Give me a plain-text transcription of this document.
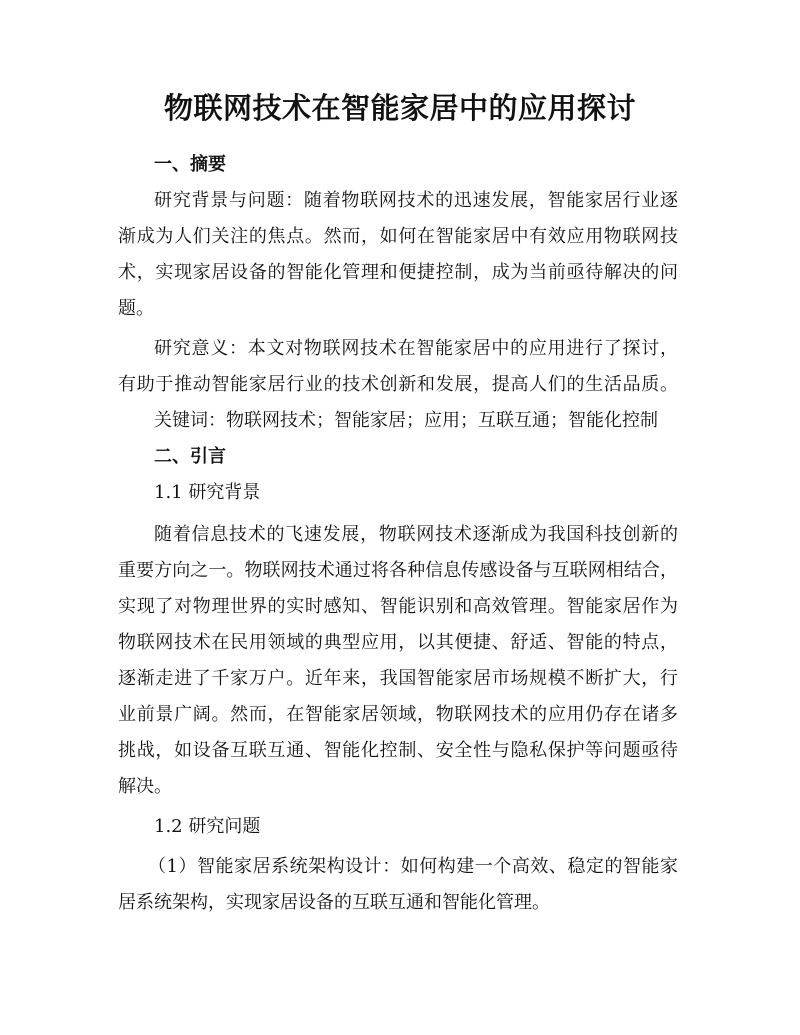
物联网技术在智能家居中的应用探讨
一、摘要
研究背景与问题：随着物联网技术的迅速发展，智能家居行业逐
渐成为人们关注的焦点。然而，如何在智能家居中有效应用物联网技
术，实现家居设备的智能化管理和便捷控制，成为当前亟待解决的问
题。
研究意义：本文对物联网技术在智能家居中的应用进行了探讨，
有助于推动智能家居行业的技术创新和发展，提高人们的生活品质。
关键词：物联网技术；智能家居；应用；互联互通；智能化控制
二、引言
1.1 研究背景
随着信息技术的飞速发展，物联网技术逐渐成为我国科技创新的
重要方向之一。物联网技术通过将各种信息传感设备与互联网相结合，
实现了对物理世界的实时感知、智能识别和高效管理。智能家居作为
物联网技术在民用领域的典型应用，以其便捷、舒适、智能的特点，
逐渐走进了千家万户。近年来，我国智能家居市场规模不断扩大，行
业前景广阔。然而，在智能家居领域，物联网技术的应用仍存在诸多
挑战，如设备互联互通、智能化控制、安全性与隐私保护等问题亟待
解决。
1.2 研究问题
（1）智能家居系统架构设计：如何构建一个高效、稳定的智能家
居系统架构，实现家居设备的互联互通和智能化管理。
